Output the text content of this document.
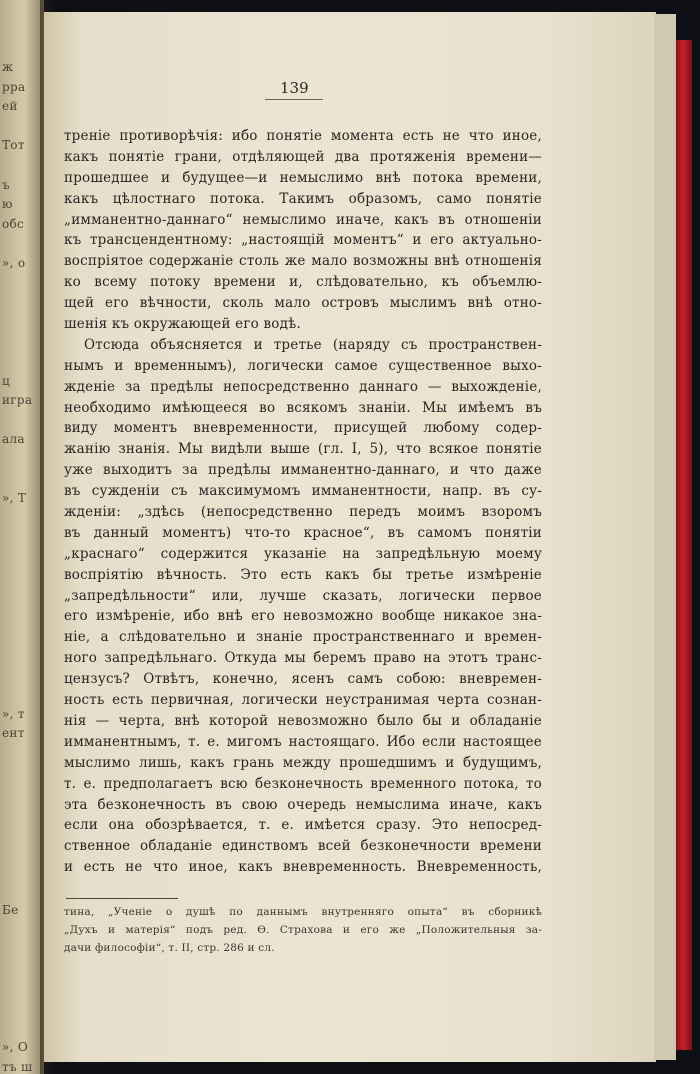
ж
рра
ей
Тот
ъ
ю
обс
», о
ц
игра
ала
», Т
», т
ент
Бе
», О
тъ ш
139
треніе противорѣчія: ибо понятіе момента есть не что иное,
какъ понятіе грани, отдѣляющей два протяженія времени—
прошедшее и будущее—и немыслимо внѣ потока времени,
какъ цѣлостнаго потока. Такимъ образомъ, само понятіе
„имманентно-даннаго“ немыслимо иначе, какъ въ отношеніи
къ трансцендентному: „настоящій моментъ“ и его актуально-
воспріятое содержаніе столь же мало возможны внѣ отношенія
ко всему потоку времени и, слѣдовательно, къ объемлю-
щей его вѣчности, сколь мало островъ мыслимъ внѣ отно-
шенія къ окружающей его водѣ.
Отсюда объясняется и третье (наряду съ пространствен-
нымъ и временнымъ), логически самое существенное выхо-
жденіе за предѣлы непосредственно даннаго — выхожденіе,
необходимо имѣющееся во всякомъ знаніи. Мы имѣемъ въ
виду моментъ вневременности, присущей любому содер-
жанію знанія. Мы видѣли выше (гл. I, 5), что всякое понятіе
уже выходитъ за предѣлы имманентно-даннаго, и что даже
въ сужденіи съ максимумомъ имманентности, напр. въ су-
жденіи: „здѣсь (непосредственно передъ моимъ взоромъ
въ данный моментъ) что-то красное“, въ самомъ понятіи
„краснаго“ содержится указаніе на запредѣльную моему
воспріятію вѣчность. Это есть какъ бы третье измѣреніе
„запредѣльности“ или, лучше сказать, логически первое
его измѣреніе, ибо внѣ его невозможно вообще никакое зна-
ніе, а слѣдовательно и знаніе пространственнаго и времен-
ного запредѣльнаго. Откуда мы беремъ право на этотъ транс-
цензусъ? Отвѣтъ, конечно, ясенъ самъ собою: вневремен-
ность есть первичная, логически неустранимая черта сознан-
нія — черта, внѣ которой невозможно было бы и обладаніе
имманентнымъ, т. е. мигомъ настоящаго. Ибо если настоящее
мыслимо лишь, какъ грань между прошедшимъ и будущимъ,
т. е. предполагаетъ всю безконечность временного потока, то
эта безконечность въ свою очередь немыслима иначе, какъ
если она обозрѣвается, т. е. имѣется сразу. Это непосред-
ственное обладаніе единствомъ всей безконечности времени
и есть не что иное, какъ вневременность. Вневременность,
тина, „Ученіе о душѣ по даннымъ внутренняго опыта“ въ сборникѣ
„Духъ и матерія“ подъ ред. Ѳ. Страхова и его же „Положительныя за-
дачи философіи“, т. II, стр. 286 и сл.
